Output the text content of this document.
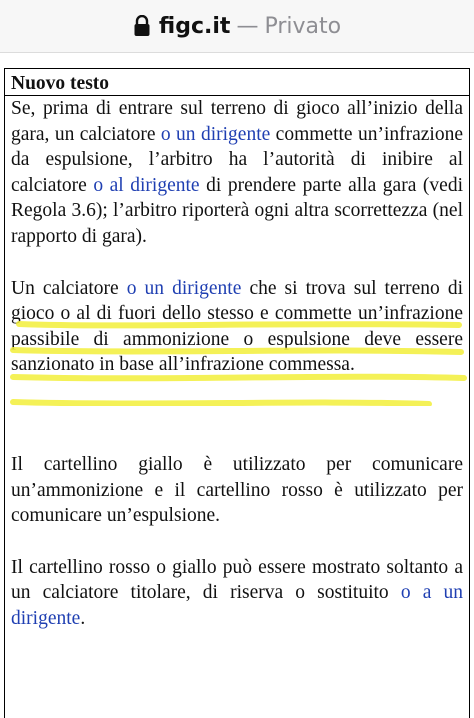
figc.it — Privato
Nuovo testo
Se, prima di entrare sul terreno di gioco all’inizio della gara, un calciatore o un dirigente commette un’infrazione da espulsione, l’arbitro ha l’autorità di inibire al calciatore o al dirigente di prendere parte alla gara (vedi Regola 3.6); l’arbitro riporterà ogni altra scorrettezza (nel rapporto di gara).
Un calciatore o un dirigente che si trova sul terreno di gioco o al di fuori dello stesso e commette un’infrazione passibile di ammonizione o espulsione deve essere sanzionato in base all’infrazione commessa.
Il cartellino giallo è utilizzato per comunicare un’ammonizione e il cartellino rosso è utilizzato per comunicare un’espulsione.
Il cartellino rosso o giallo può essere mostrato soltanto a un calciatore titolare, di riserva o sostituito o a un dirigente.
